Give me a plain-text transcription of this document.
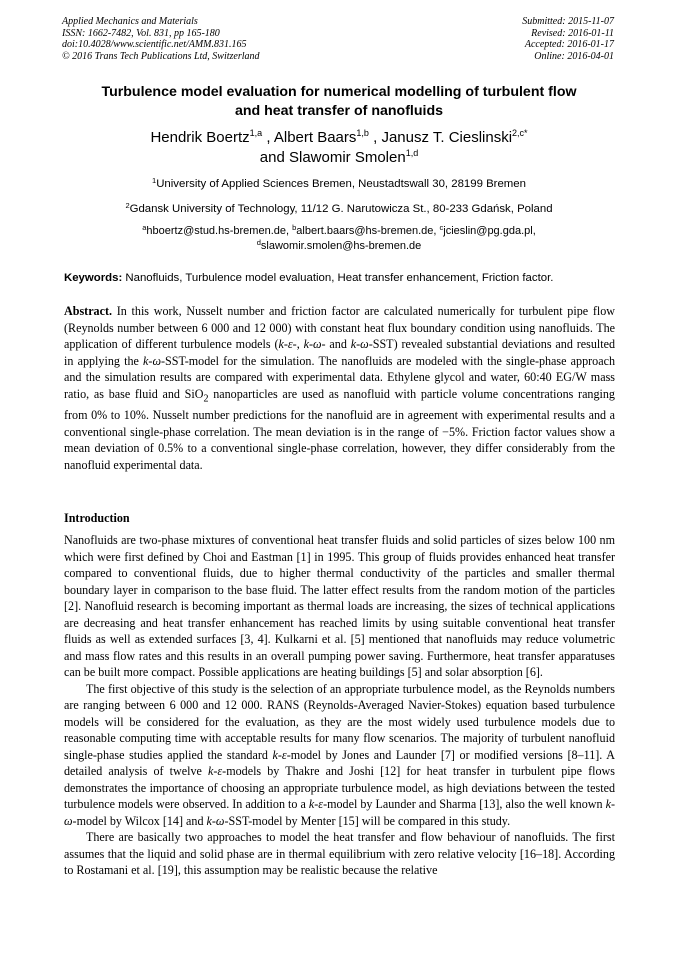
Applied Mechanics and Materials
ISSN: 1662-7482, Vol. 831, pp 165-180
doi:10.4028/www.scientific.net/AMM.831.165
© 2016 Trans Tech Publications Ltd, Switzerland
Submitted: 2015-11-07
Revised: 2016-01-11
Accepted: 2016-01-17
Online: 2016-04-01
Turbulence model evaluation for numerical modelling of turbulent flow
and heat transfer of nanofluids
Hendrik Boertz$^{1,a}$ , Albert Baars$^{1,b}$ , Janusz T. Cieslinski$^{2,c*}$
and Slawomir Smolen$^{1,d}$
$^1$University of Applied Sciences Bremen, Neustadtswall 30, 28199 Bremen
$^2$Gdansk University of Technology, 11/12 G. Narutowicza St., 80-233 Gdańsk, Poland
$^a$hboertz@stud.hs-bremen.de, $^b$albert.baars@hs-bremen.de, $^c$jcieslin@pg.gda.pl,
$^d$slawomir.smolen@hs-bremen.de
Keywords: Nanofluids, Turbulence model evaluation, Heat transfer enhancement, Friction factor.
Abstract. In this work, Nusselt number and friction factor are calculated numerically for turbulent pipe flow (Reynolds number between 6 000 and 12 000) with constant heat flux boundary condition using nanofluids. The application of different turbulence models (k-ε-, k-ω- and k-ω-SST) revealed substantial deviations and resulted in applying the k-ω-SST-model for the simulation. The nanofluids are modeled with the single-phase approach and the simulation results are compared with experimental data. Ethylene glycol and water, 60:40 EG/W mass ratio, as base fluid and SiO$_2$ nanoparticles are used as nanofluid with particle volume concentrations ranging from 0% to 10%. Nusselt number predictions for the nanofluid are in agreement with experimental results and a conventional single-phase correlation. The mean deviation is in the range of −5%. Friction factor values show a mean deviation of 0.5% to a conventional single-phase correlation, however, they differ considerably from the nanofluid experimental data.
Introduction

Nanofluids are two-phase mixtures of conventional heat transfer fluids and solid particles of sizes below 100 nm which were first defined by Choi and Eastman [1] in 1995. This group of fluids provides enhanced heat transfer compared to conventional fluids, due to higher thermal conductivity of the particles and smaller thermal boundary layer in comparison to the base fluid. The latter effect results from the random motion of the particles [2]. Nanofluid research is becoming important as thermal loads are increasing, the sizes of technical applications are decreasing and heat transfer enhancement has reached limits by using suitable conventional heat transfer fluids as well as extended surfaces [3, 4]. Kulkarni et al. [5] mentioned that nanofluids may reduce volumetric and mass flow rates and this results in an overall pumping power saving. Furthermore, heat transfer apparatuses can be built more compact. Possible applications are heating buildings [5] and solar absorption [6].

The first objective of this study is the selection of an appropriate turbulence model, as the Reynolds numbers are ranging between 6 000 and 12 000. RANS (Reynolds-Averaged Navier-Stokes) equation based turbulence models will be considered for the evaluation, as they are the most widely used turbulence models due to reasonable computing time with acceptable results for many flow scenarios. The majority of turbulent nanofluid single-phase studies applied the standard k-ε-model by Jones and Launder [7] or modified versions [8–11]. A detailed analysis of twelve k-ε-models by Thakre and Joshi [12] for heat transfer in turbulent pipe flows demonstrates the importance of choosing an appropriate turbulence model, as high deviations between the tested turbulence models were observed. In addition to a k-ε-model by Launder and Sharma [13], also the well known k-ω-model by Wilcox [14] and k-ω-SST-model by Menter [15] will be compared in this study.

There are basically two approaches to model the heat transfer and flow behaviour of nanofluids. The first assumes that the liquid and solid phase are in thermal equilibrium with zero relative velocity [16–18]. According to Rostamani et al. [19], this assumption may be realistic because the relative
